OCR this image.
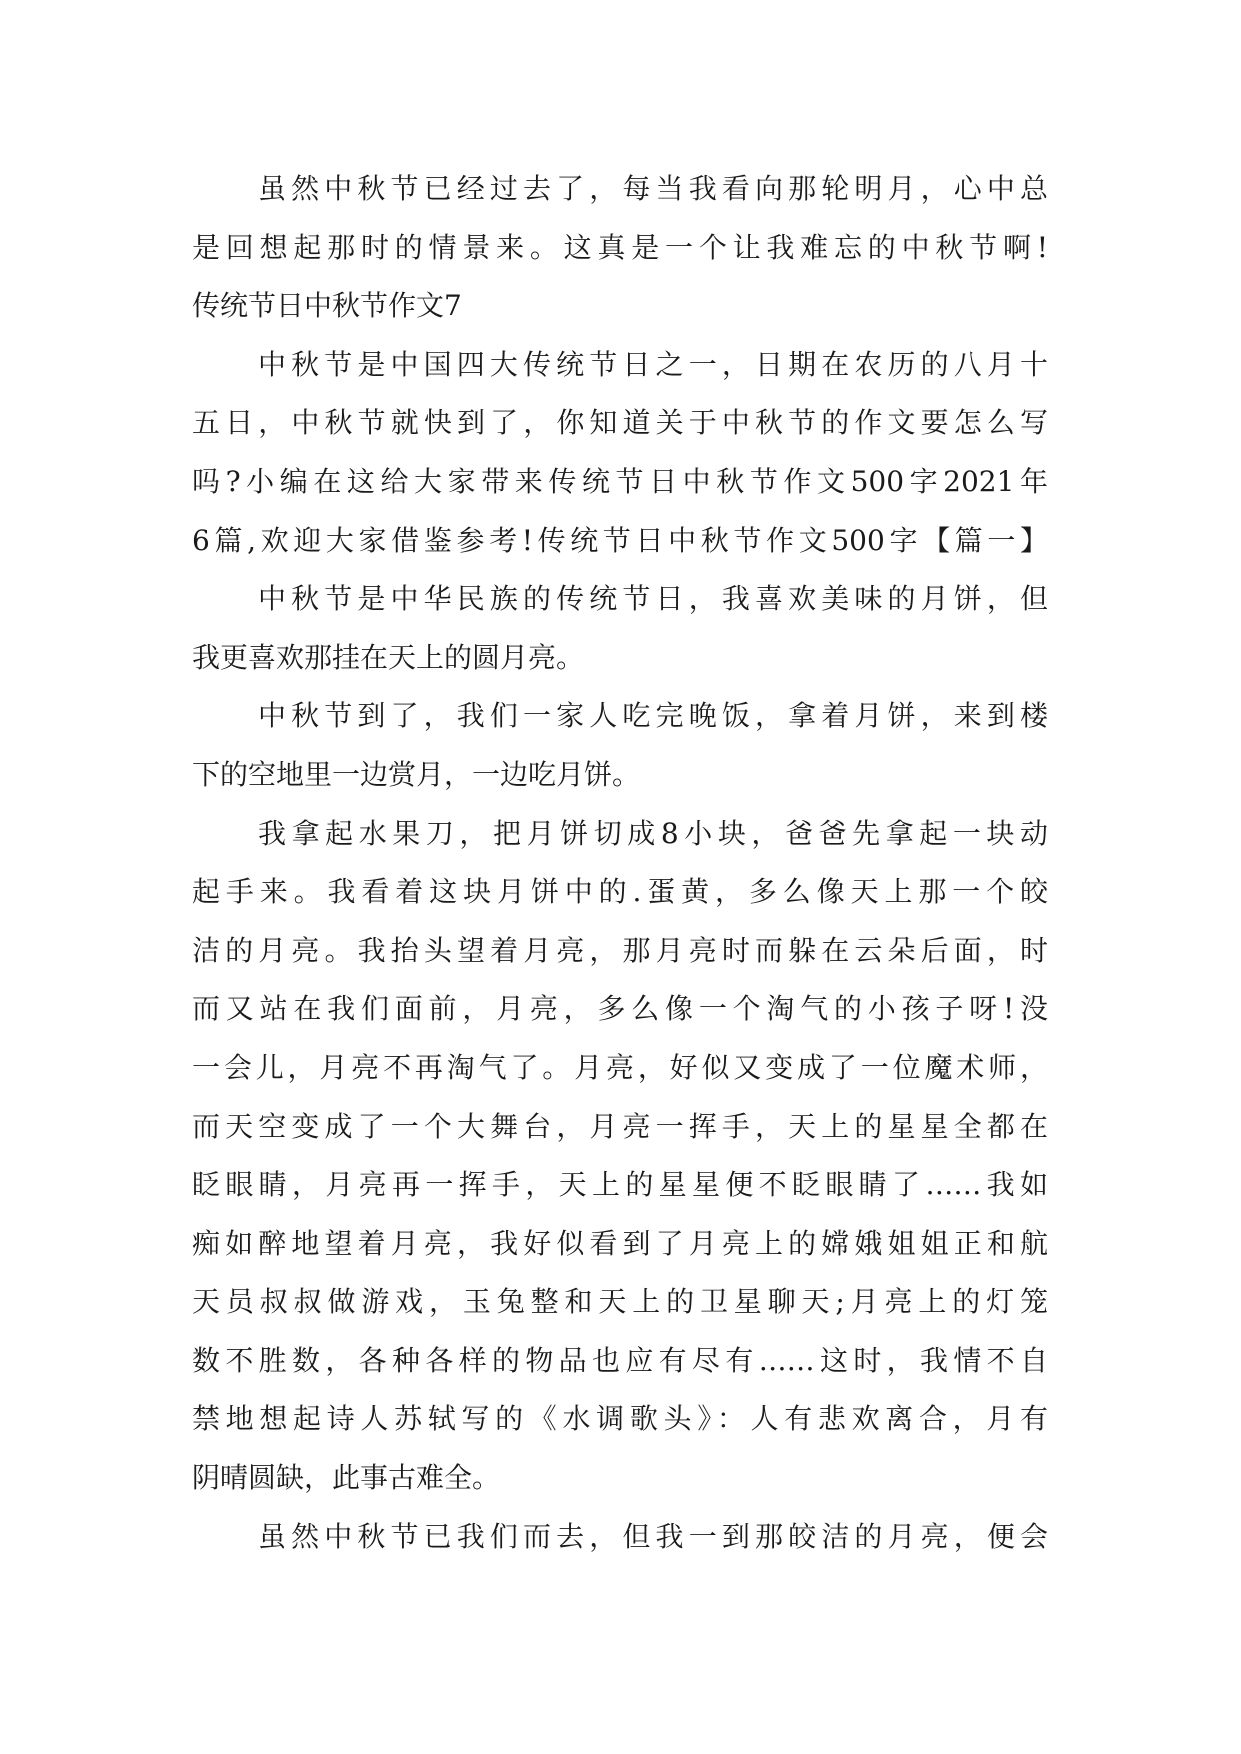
虽然中秋节已经过去了，每当我看向那轮明月，心中总
是回想起那时的情景来。这真是一个让我难忘的中秋节啊!
传统节日中秋节作文7
中秋节是中国四大传统节日之一，日期在农历的八月十
五日，中秋节就快到了，你知道关于中秋节的作文要怎么写
吗?小编在这给大家带来传统节日中秋节作文500字2021年
6篇,欢迎大家借鉴参考!传统节日中秋节作文500字【篇一】
中秋节是中华民族的传统节日，我喜欢美味的月饼，但
我更喜欢那挂在天上的圆月亮。
中秋节到了，我们一家人吃完晚饭，拿着月饼，来到楼
下的空地里一边赏月，一边吃月饼。
我拿起水果刀，把月饼切成8小块，爸爸先拿起一块动
起手来。我看着这块月饼中的.蛋黄，多么像天上那一个皎
洁的月亮。我抬头望着月亮，那月亮时而躲在云朵后面，时
而又站在我们面前，月亮，多么像一个淘气的小孩子呀!没
一会儿，月亮不再淘气了。月亮，好似又变成了一位魔术师，
而天空变成了一个大舞台，月亮一挥手，天上的星星全都在
眨眼睛，月亮再一挥手，天上的星星便不眨眼睛了……我如
痴如醉地望着月亮，我好似看到了月亮上的嫦娥姐姐正和航
天员叔叔做游戏，玉兔整和天上的卫星聊天;月亮上的灯笼
数不胜数，各种各样的物品也应有尽有……这时，我情不自
禁地想起诗人苏轼写的《水调歌头》：人有悲欢离合，月有
阴晴圆缺，此事古难全。
虽然中秋节已我们而去，但我一到那皎洁的月亮，便会
